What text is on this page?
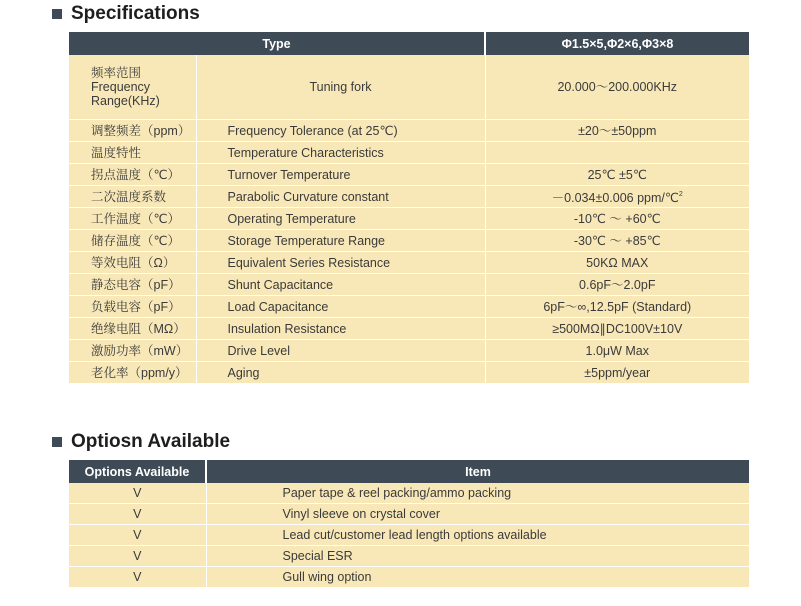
Specifications
Type		Φ1.5×5,Φ2×6,Φ3×8

频率范围
Frequency
Range(KHz)	Tuning fork	20.000～200.000KHz
调整频差（ppm）	Frequency Tolerance (at 25℃)	±20～±50ppm
温度特性	Temperature Characteristics	
拐点温度（℃）	Turnover Temperature	25℃ ±5℃
二次温度系数	Parabolic Curvature constant	－0.034±0.006 ppm/℃$^2$
工作温度（℃）	Operating Temperature	-10℃ ～ +60℃
储存温度（℃）	Storage Temperature Range	-30℃ ～ +85℃
等效电阻（Ω）	Equivalent Series Resistance	50KΩ MAX
静态电容（pF）	Shunt Capacitance	0.6pF～2.0pF
负载电容（pF）	Load Capacitance	6pF～∞,12.5pF (Standard)
绝缘电阻（MΩ）	Insulation Resistance	≥500MΩ∥DC100V±10V
激励功率（mW）	Drive Level	1.0μW Max
老化率（ppm/y）	Aging	±5ppm/year
Optiosn Available
Options Available	Item
V	Paper tape & reel packing/ammo packing
V	Vinyl sleeve on crystal cover
V	Lead cut/customer lead length options available
V	Special ESR
V	Gull wing option
